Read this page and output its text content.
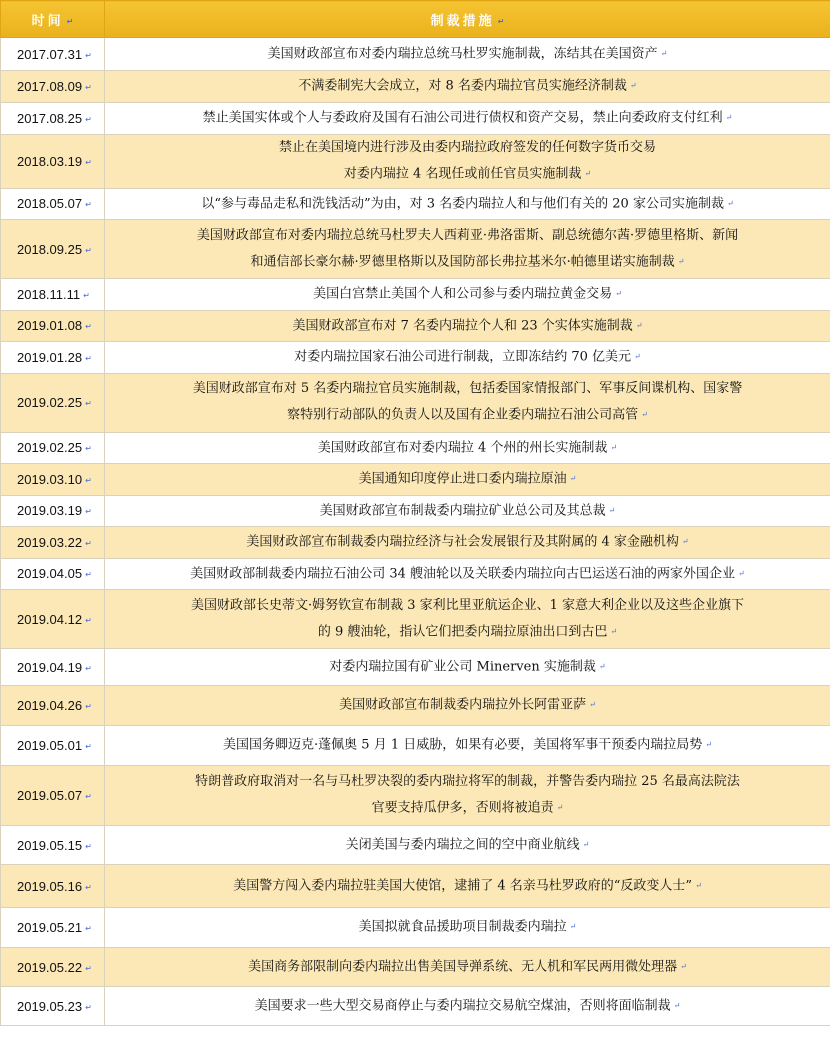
时间 ↵	制裁措施 ↵
2017.07.31 ↵	美国财政部宣布对委内瑞拉总统马杜罗实施制裁，冻结其在美国资产 ↵

2017.08.09 ↵	不满委制宪大会成立，对 8 名委内瑞拉官员实施经济制裁 ↵

2017.08.25 ↵	禁止美国实体或个人与委政府及国有石油公司进行债权和资产交易，禁止向委政府支付红利 ↵

2018.03.19 ↵	禁止在美国境内进行涉及由委内瑞拉政府签发的任何数字货币交易
对委内瑞拉 4 名现任或前任官员实施制裁 ↵

2018.05.07 ↵	以“参与毒品走私和洗钱活动”为由，对 3 名委内瑞拉人和与他们有关的 20 家公司实施制裁 ↵

2018.09.25 ↵	美国财政部宣布对委内瑞拉总统马杜罗夫人西莉亚·弗洛雷斯、副总统德尔茜·罗德里格斯、新闻
和通信部长豪尔赫·罗德里格斯以及国防部长弗拉基米尔·帕德里诺实施制裁 ↵

2018.11.11 ↵	美国白宫禁止美国个人和公司参与委内瑞拉黄金交易 ↵

2019.01.08 ↵	美国财政部宣布对 7 名委内瑞拉个人和 23 个实体实施制裁 ↵

2019.01.28 ↵	对委内瑞拉国家石油公司进行制裁，立即冻结约 70 亿美元 ↵

2019.02.25 ↵	美国财政部宣布对 5 名委内瑞拉官员实施制裁，包括委国家情报部门、军事反间谍机构、国家警
察特别行动部队的负责人以及国有企业委内瑞拉石油公司高管 ↵

2019.02.25 ↵	美国财政部宣布对委内瑞拉 4 个州的州长实施制裁 ↵

2019.03.10 ↵	美国通知印度停止进口委内瑞拉原油 ↵

2019.03.19 ↵	美国财政部宣布制裁委内瑞拉矿业总公司及其总裁 ↵

2019.03.22 ↵	美国财政部宣布制裁委内瑞拉经济与社会发展银行及其附属的 4 家金融机构 ↵

2019.04.05 ↵	美国财政部制裁委内瑞拉石油公司 34 艘油轮以及关联委内瑞拉向古巴运送石油的两家外国企业 ↵

2019.04.12 ↵	美国财政部长史蒂文·姆努钦宣布制裁 3 家利比里亚航运企业、1 家意大利企业以及这些企业旗下
的 9 艘油轮，指认它们把委内瑞拉原油出口到古巴 ↵

2019.04.19 ↵	对委内瑞拉国有矿业公司 Minerven 实施制裁 ↵

2019.04.26 ↵	美国财政部宣布制裁委内瑞拉外长阿雷亚萨 ↵

2019.05.01 ↵	美国国务卿迈克·蓬佩奥 5 月 1 日威胁，如果有必要，美国将军事干预委内瑞拉局势 ↵

2019.05.07 ↵	特朗普政府取消对一名与马杜罗决裂的委内瑞拉将军的制裁，并警告委内瑞拉 25 名最高法院法
官要支持瓜伊多，否则将被追责 ↵

2019.05.15 ↵	关闭美国与委内瑞拉之间的空中商业航线 ↵

2019.05.16 ↵	美国警方闯入委内瑞拉驻美国大使馆，逮捕了 4 名亲马杜罗政府的“反政变人士” ↵

2019.05.21 ↵	美国拟就食品援助项目制裁委内瑞拉 ↵

2019.05.22 ↵	美国商务部限制向委内瑞拉出售美国导弹系统、无人机和军民两用微处理器 ↵

2019.05.23 ↵	美国要求一些大型交易商停止与委内瑞拉交易航空煤油，否则将面临制裁 ↵
